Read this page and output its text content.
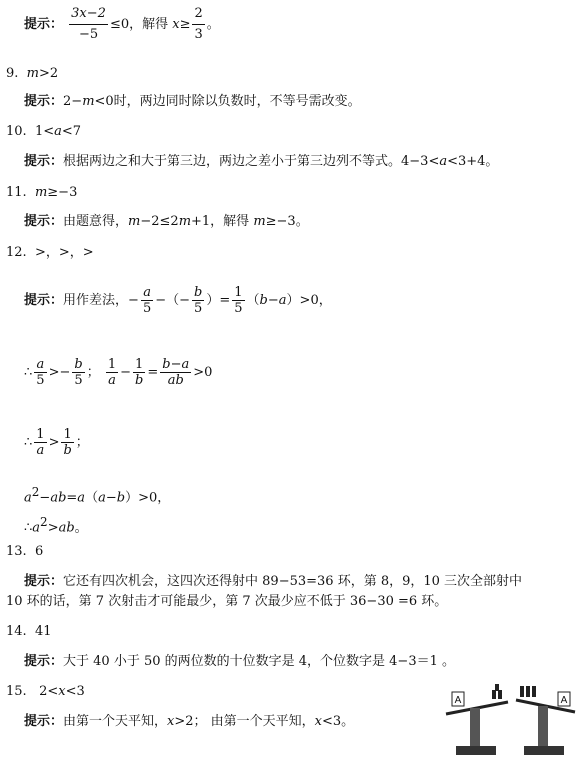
提示： $\frac{3x-2}{-5} \le 0$，解得 $x\ge \frac{2}{3}$ 。
9. m>2
提示：2−m<0时，两边同时除以负数时，不等号需改变。
10. 1<a<7
提示：根据两边之和大于第三边，两边之差小于第三边列不等式。4−3<a<3+4。
11. m≥−3
提示：由题意得，m−2≤2m+1，解得 m≥−3。
12. >，>，>
提示：用作差法，− $\frac{a}{5}$ −（− $\frac{b}{5}$ ）= $\frac{1}{5} (b-a)>0$，
∴ $\frac{a}{5} >- \frac{b}{5}$ ； $\frac{1}{a} - \frac{1}{b} = \frac{b-a}{ab} >0$
∴ $\frac{1}{a} > \frac{1}{b}$ ；
$a^2-ab=a(a-b)>0$，
$\therefore a^2>ab$。
13. 6
提示：它还有四次机会，这四次还得射中 89−53=36 环，第 8，9，10 三次全部射中
10 环的话，第 7 次射击才可能最少，第 7 次最少应不低于 36−30 =6 环。
14. 41
提示：大于 40 小于 50 的两位数的十位数字是 4，个位数字是 4−3＝1 。
15. 2<x<3
提示：由第一个天平知，x>2； 由第一个天平知，x<3。
A	A
